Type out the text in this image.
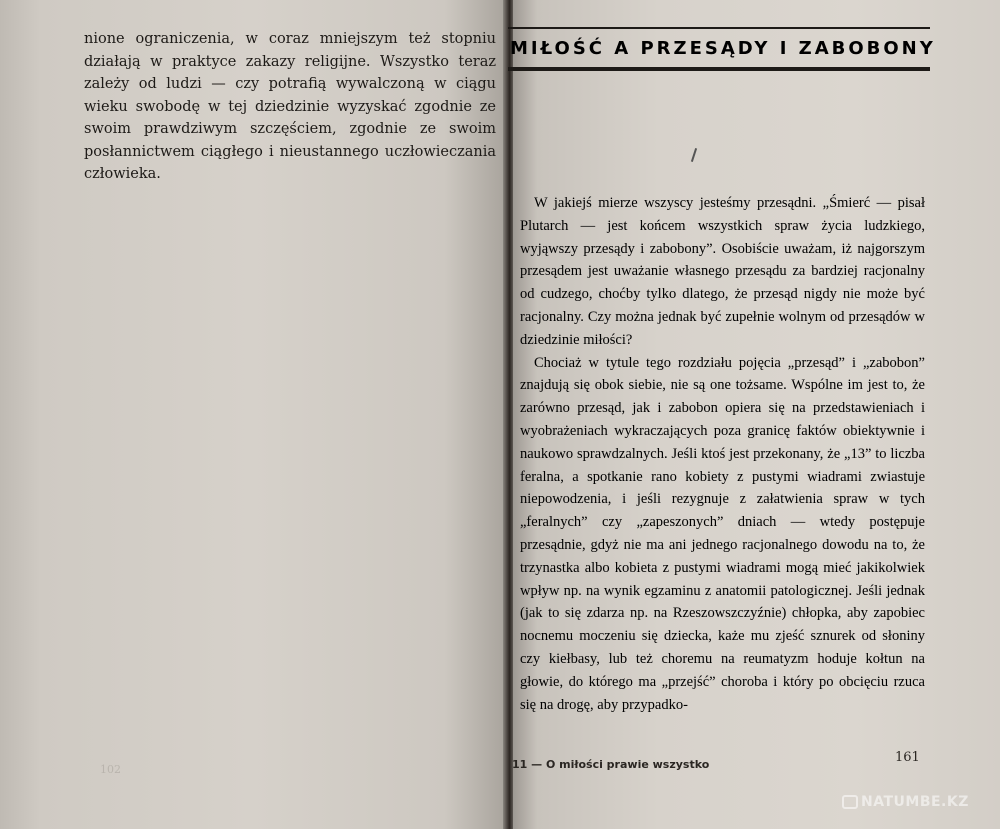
nione ograniczenia, w coraz mniejszym też stopniu działają w praktyce zakazy religijne. Wszystko teraz zależy od ludzi — czy potrafią wywalczoną w ciągu wieku swobodę w tej dziedzinie wyzyskać zgodnie ze swoim prawdziwym szczęściem, zgodnie ze swoim posłannictwem ciągłego i nieustannego uczłowieczania człowieka.

102
MIŁOŚĆ A PRZESĄDY I ZABOBONY

W jakiejś mierze wszyscy jesteśmy przesądni. „Śmierć — pisał Plutarch — jest końcem wszystkich spraw życia ludzkiego, wyjąwszy przesądy i zabobony”. Osobiście uważam, iż najgorszym przesądem jest uważanie własnego przesądu za bardziej racjonalny od cudzego, choćby tylko dlatego, że przesąd nigdy nie może być racjonalny. Czy można jednak być zupełnie wolnym od przesądów w dziedzinie miłości?

Chociaż w tytule tego rozdziału pojęcia „przesąd” i „zabobon” znajdują się obok siebie, nie są one tożsame. Wspólne im jest to, że zarówno przesąd, jak i zabobon opiera się na przedstawieniach i wyobrażeniach wykraczających poza granicę faktów obiektywnie i naukowo sprawdzalnych. Jeśli ktoś jest przekonany, że „13” to liczba feralna, a spotkanie rano kobiety z pustymi wiadrami zwiastuje niepowodzenia, i jeśli rezygnuje z załatwienia spraw w tych „feralnych” czy „zapeszonych” dniach — wtedy postępuje przesądnie, gdyż nie ma ani jednego racjonalnego dowodu na to, że trzynastka albo kobieta z pustymi wiadrami mogą mieć jakikolwiek wpływ np. na wynik egzaminu z anatomii patologicznej. Jeśli jednak (jak to się zdarza np. na Rzeszowszczyźnie) chłopka, aby zapobiec nocnemu moczeniu się dziecka, każe mu zjeść sznurek od słoniny czy kiełbasy, lub też choremu na reumatyzm hoduje kołtun na głowie, do którego ma „przejść” choroba i który po obcięciu rzuca się na drogę, aby przypadko-

11 — O miłości prawie wszystko	161
NATUMBE.KZ
